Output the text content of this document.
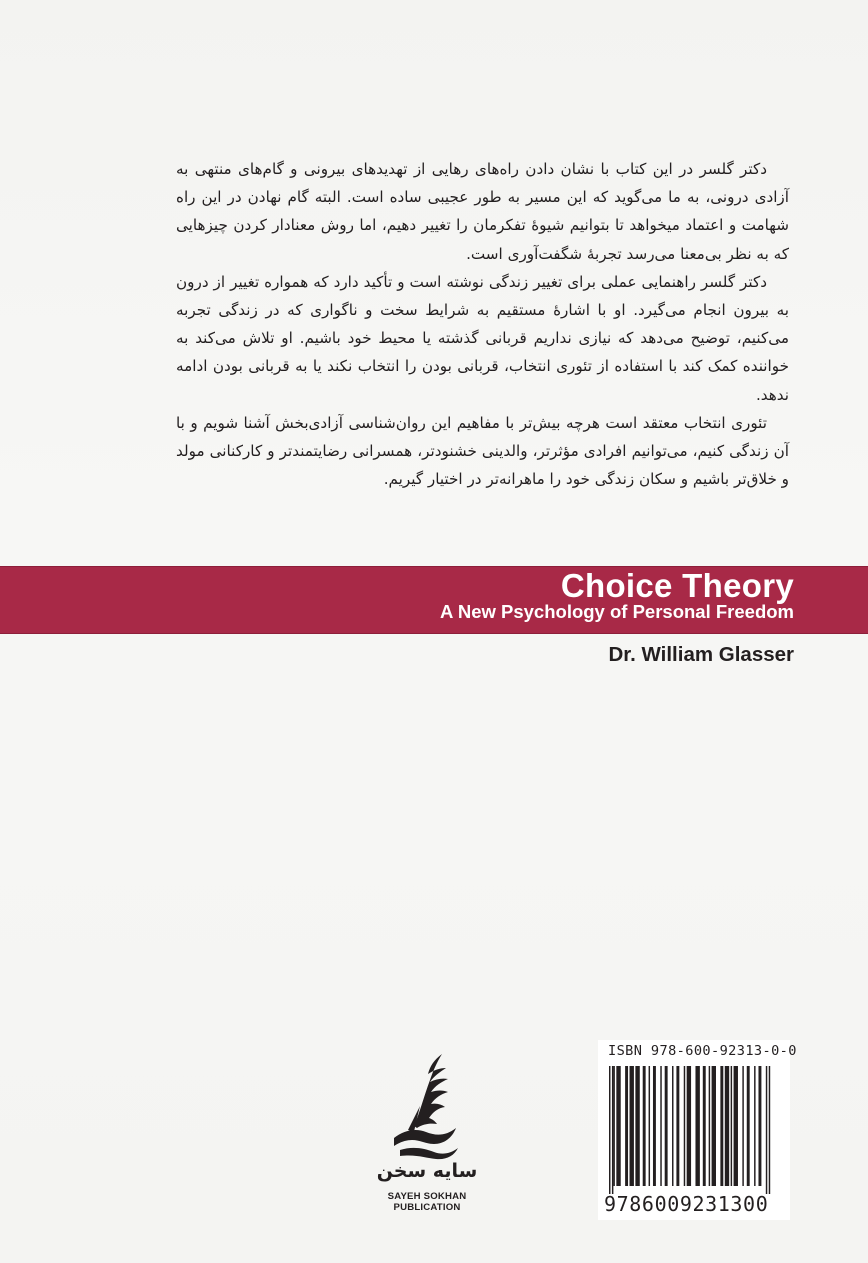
دکتر گلسر در این کتاب با نشان دادن راه‌های رهایی از تهدیدهای بیرونی و گام‌های منتهی به آزادی درونی، به ما می‌گوید که این مسیر به طور عجیبی ساده است. البته گام نهادن در این راه شهامت و اعتماد میخواهد تا بتوانیم شیوهٔ تفکرمان را تغییر دهیم، اما روش معنادار کردن چیزهایی که به نظر بی‌معنا می‌رسد تجربهٔ شگفت‌آوری است.

دکتر گلسر راهنمایی عملی برای تغییر زندگی نوشته است و تأکید دارد که همواره تغییر از درون به بیرون انجام می‌گیرد. او با اشارهٔ مستقیم به شرایط سخت و ناگواری که در زندگی تجربه می‌کنیم، توضیح می‌دهد که نیازی نداریم قربانی گذشته یا محیط خود باشیم. او تلاش می‌کند به خواننده کمک کند با استفاده از تئوری انتخاب، قربانی بودن را انتخاب نکند یا به قربانی بودن ادامه ندهد.

تئوری انتخاب معتقد است هرچه بیش‌تر با مفاهیم این روان‌شناسی آزادی‌بخش آشنا شویم و با آن زندگی کنیم، می‌توانیم افرادی مؤثرتر، والدینی خشنودتر، همسرانی رضایتمندتر و کارکنانی مولد و خلاق‌تر باشیم و سکان زندگی خود را ماهرانه‌تر در اختیار گیریم.

Choice Theory
A New Psychology of Personal Freedom
Dr. William Glasser
سایه سخن
SAYEH SOKHAN
PUBLICATION
ISBN 978-600-92313-0-0
9786009231300
